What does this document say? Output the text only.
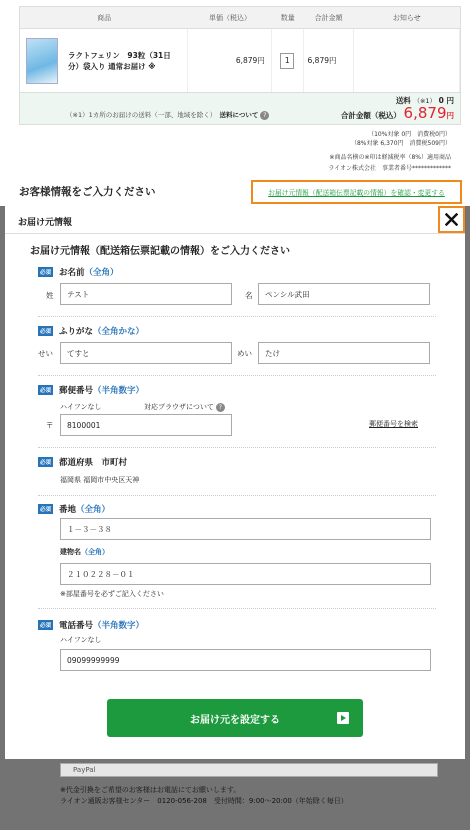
商品	単価（税込）	数量	合計金額	お知らせ
ラクトフェリン　93粒（31日分）袋入り 通常お届け ※
6,879円	1	6,879円
（※1）1カ所のお届けの送料（一部、地域を除く）　 送料について ?
送料 （※1） 0 円
合計金額（税込） 6,879円
（10%対象 0円　消費税0円）
（8%対象 6,370円　消費税509円）
※商品名横の※印は軽減税率（8%）適用商品
ライオン株式会社　事業者番号*************
お客様情報をご入力ください	お届け元情報（配送箱伝票記載の情報）を確認・変更する
PayPal
※代金引換をご希望のお客様はお電話にてお願いします。
ライオン通販お客様センター　0120-056-208　受付時間：9:00～20:00（年始除く毎日）
お届け元情報
お届け元情報（配送箱伝票記載の情報）をご入力ください
必須 お名前 （全角）
姓	テスト	名	ペンシル武田
必須 ふりがな （全角かな）
せい	てすと	めい	たけ
必須 郵便番号 （半角数字）
ハイフンなし	対応ブラウザについて ?
〒	8100001	郵便番号を検索
必須 都道府県　市町村
福岡県 福岡市中央区天神
必須 番地 （全角）
１－３－３８
建物名（全角）
２１０２２８－０１
※部屋番号を必ずご記入ください
必須 電話番号 （半角数字）
ハイフンなし
09099999999
お届け元を設定する
